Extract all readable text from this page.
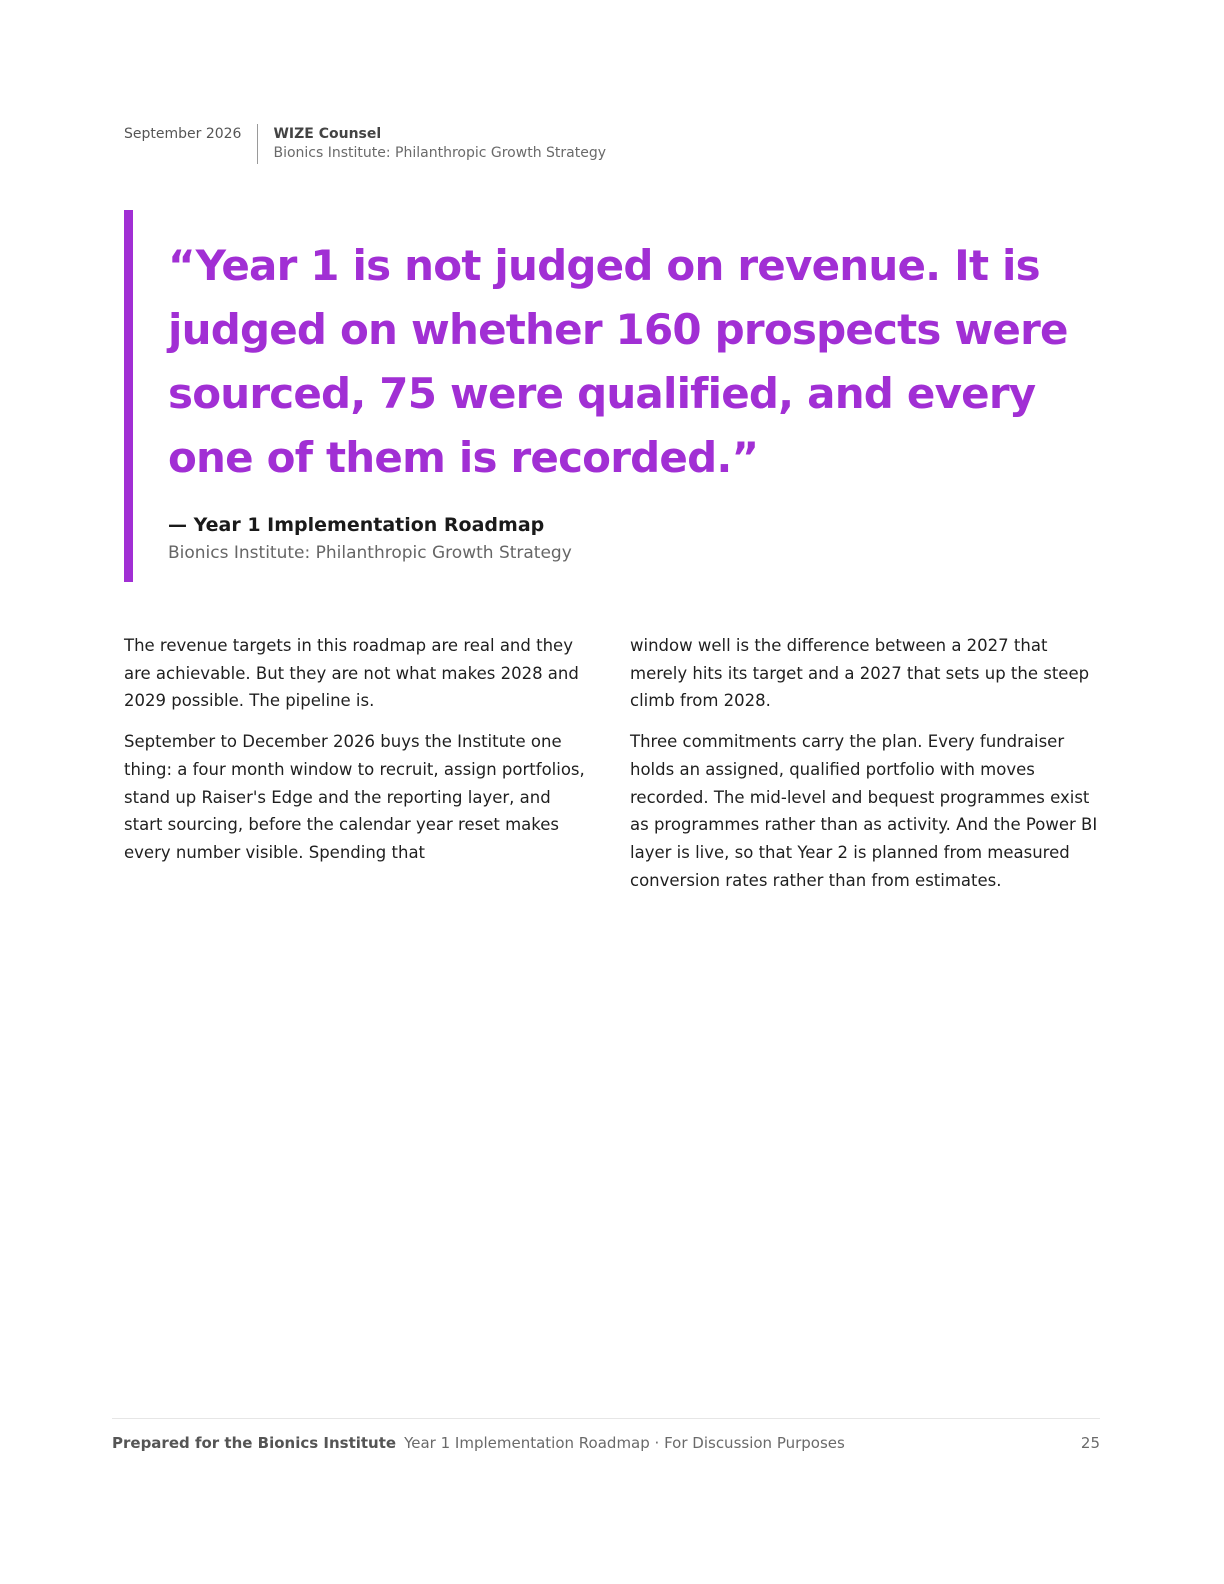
September 2026	WIZE Counsel
Bionics Institute: Philanthropic Growth Strategy

“Year 1 is not judged on revenue. It is judged on whether 160 prospects were sourced, 75 were qualified, and every one of them is recorded.”

— Year 1 Implementation Roadmap
Bionics Institute: Philanthropic Growth Strategy

The revenue targets in this roadmap are real and they are achievable. But they are not what makes 2028 and 2029 possible. The pipeline is.

September to December 2026 buys the Institute one thing: a four month window to recruit, assign portfolios, stand up Raiser's Edge and the reporting layer, and start sourcing, before the calendar year reset makes every number visible. Spending that

window well is the difference between a 2027 that merely hits its target and a 2027 that sets up the steep climb from 2028.

Three commitments carry the plan. Every fundraiser holds an assigned, qualified portfolio with moves recorded. The mid-level and bequest programmes exist as programmes rather than as activity. And the Power BI layer is live, so that Year 2 is planned from measured conversion rates rather than from estimates.

Prepared for the Bionics Institute Year 1 Implementation Roadmap · For Discussion Purposes	25
